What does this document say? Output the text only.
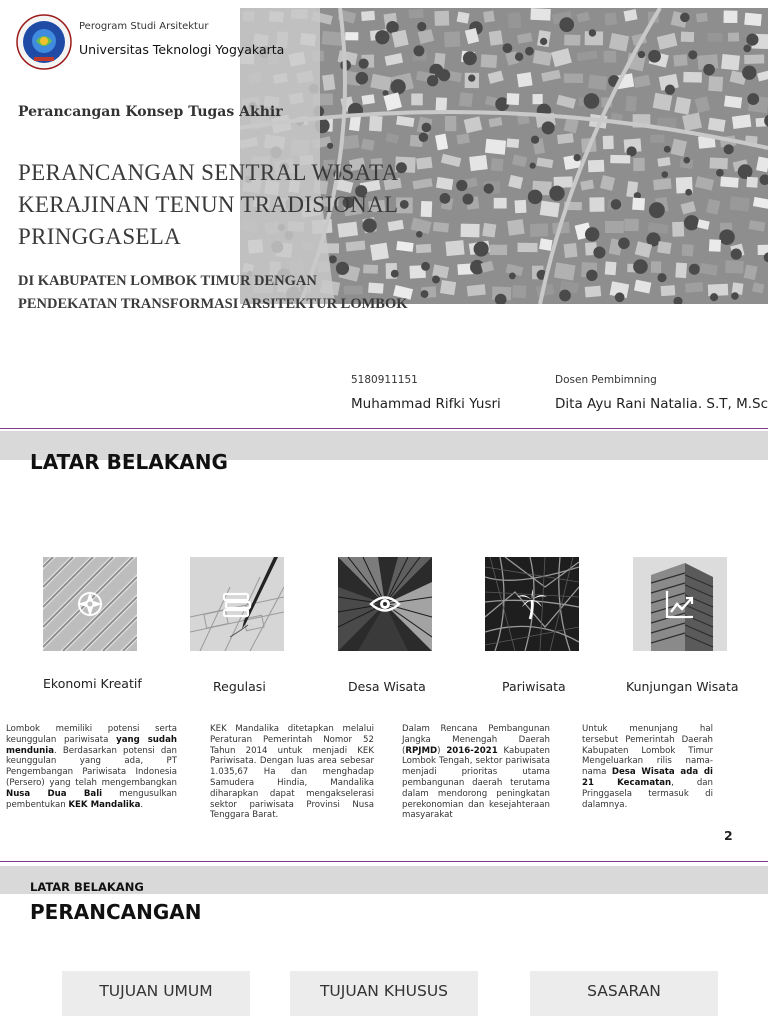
Perogram Studi Arsitektur
Universitas Teknologi Yogyakarta
Perancangan Konsep Tugas Akhir
PERANCANGAN SENTRAL WISATA
KERAJINAN TENUN TRADISIONAL
PRINGGASELA
DI KABUPATEN LOMBOK TIMUR DENGAN
PENDEKATAN TRANSFORMASI ARSITEKTUR LOMBOK
5180911151
Muhammad Rifki Yusri
Dosen Pembimning
Dita Ayu Rani Natalia. S.T, M.Sc
LATAR BELAKANG
Ekonomi Kreatif	Regulasi	Desa Wisata	Pariwisata	Kunjungan Wisata
Lombok memiliki potensi serta keunggulan pariwisata yang sudah mendunia. Berdasarkan potensi dan keunggulan yang ada, PT Pengembangan Pariwisata Indonesia (Persero) yang telah mengembangkan Nusa Dua Bali mengusulkan pembentukan KEK Mandalika.
KEK Mandalika ditetapkan melalui Peraturan Pemerintah Nomor 52 Tahun 2014 untuk menjadi KEK Pariwisata. Dengan luas area sebesar 1.035,67 Ha dan menghadap Samudera Hindia, Mandalika diharapkan dapat mengakselerasi sektor pariwisata Provinsi Nusa Tenggara Barat.
Dalam Rencana Pembangunan Jangka Menengah Daerah (RPJMD) 2016-2021 Kabupaten Lombok Tengah, sektor pariwisata menjadi prioritas utama pembangunan daerah terutama dalam mendorong peningkatan perekonomian dan kesejahteraan masyarakat
Untuk menunjang hal tersebut Pemerintah Daerah Kabupaten Lombok Timur Mengeluarkan rilis nama-nama Desa Wisata ada di 21 Kecamatan, dan Pringgasela termasuk di dalamnya.
2
LATAR BELAKANG
PERANCANGAN
TUJUAN UMUM	TUJUAN KHUSUS	SASARAN
